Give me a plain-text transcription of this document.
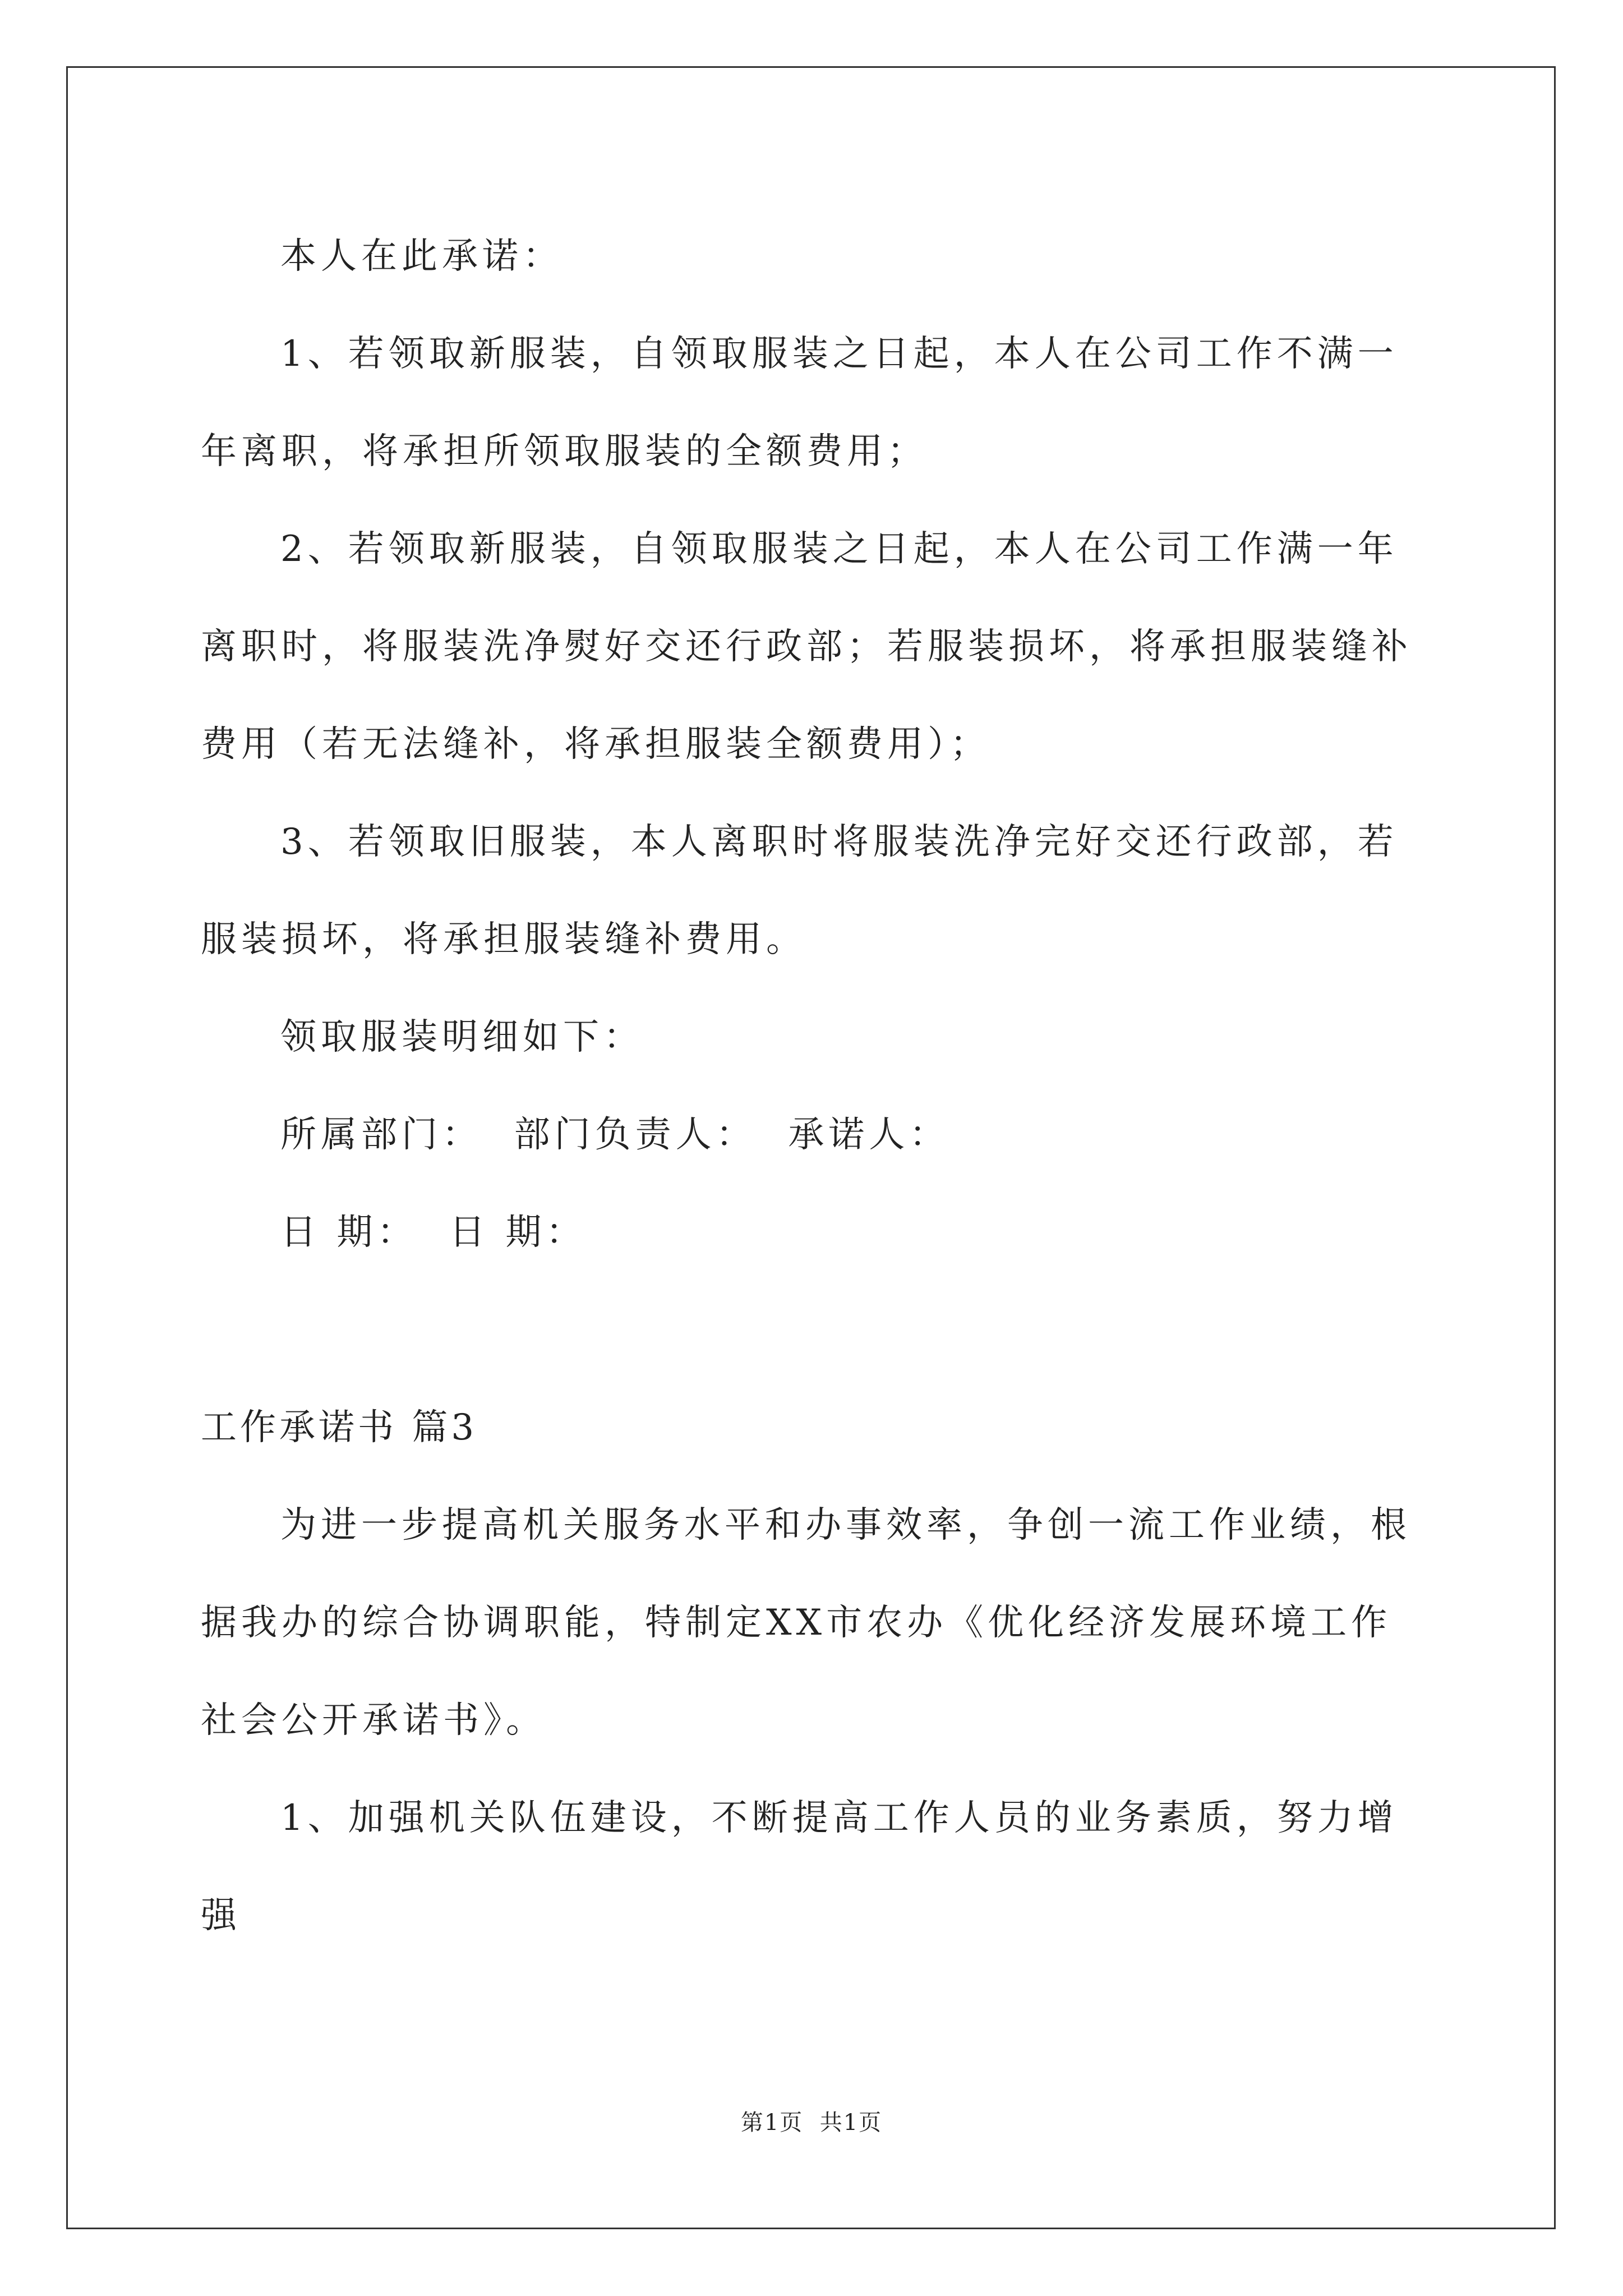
本人在此承诺：

1、若领取新服装，自领取服装之日起，本人在公司工作不满一年离职，将承担所领取服装的全额费用；

2、若领取新服装，自领取服装之日起，本人在公司工作满一年离职时，将服装洗净熨好交还行政部；若服装损坏，将承担服装缝补费用（若无法缝补，将承担服装全额费用）；

3、若领取旧服装，本人离职时将服装洗净完好交还行政部，若服装损坏，将承担服装缝补费用。

领取服装明细如下：

所属部门：  部门负责人：  承诺人：

日 期：  日 期：

工作承诺书 篇3

为进一步提高机关服务水平和办事效率，争创一流工作业绩，根据我办的综合协调职能，特制定XX市农办《优化经济发展环境工作社会公开承诺书》。

1、加强机关队伍建设，不断提高工作人员的业务素质，努力增强

第1页  共1页
